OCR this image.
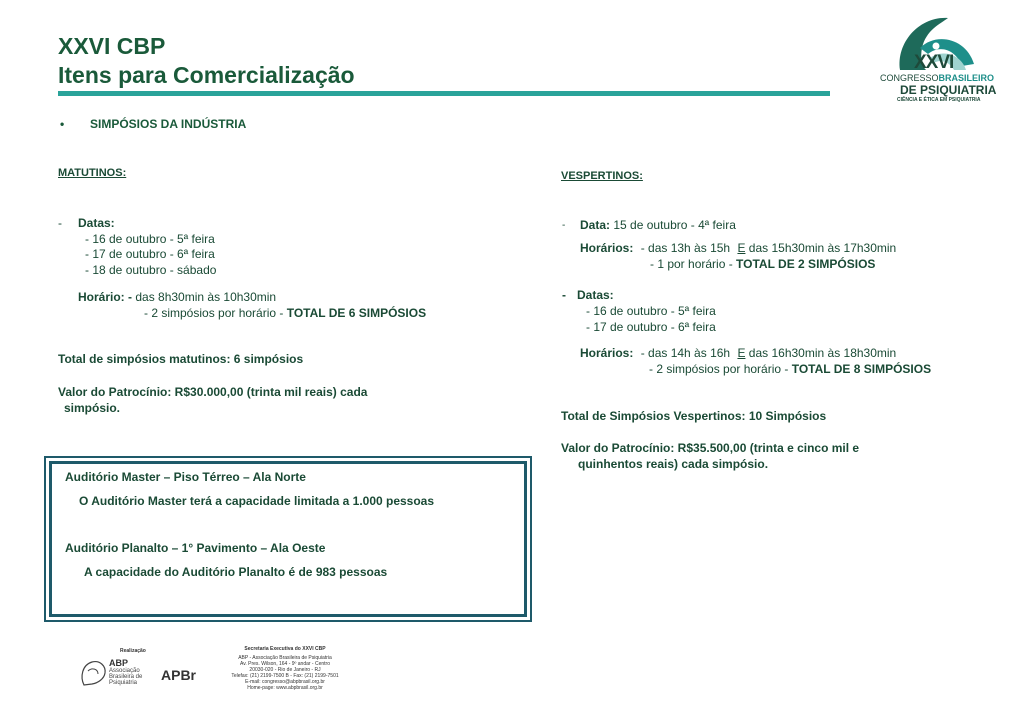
XXVI CBP
Itens para Comercialização	XXVI
CONGRESSOBRASILEIRO
DE PSIQUIATRIA
CIÊNCIA E ÉTICA EM PSIQUIATRIA
• SIMPÓSIOS DA INDÚSTRIA
MATUTINOS:
- Datas:
- 16 de outubro - 5ª feira
- 17 de outubro - 6ª feira
- 18 de outubro - sábado
Horário: - das 8h30min às 10h30min
- 2 simpósios por horário - TOTAL DE 6 SIMPÓSIOS
Total de simpósios matutinos: 6 simpósios
Valor do Patrocínio: R$30.000,00 (trinta mil reais) cada
simpósio.
VESPERTINOS:
- Data: 15 de outubro - 4ª feira
Horários: - das 13h às 15h E das 15h30min às 17h30min
- 1 por horário - TOTAL DE 2 SIMPÓSIOS
- Datas:
- 16 de outubro - 5ª feira
- 17 de outubro - 6ª feira
Horários: - das 14h às 16h E das 16h30min às 18h30min
- 2 simpósios por horário - TOTAL DE 8 SIMPÓSIOS
Total de Simpósios Vespertinos: 10 Simpósios
Valor do Patrocínio: R$35.500,00 (trinta e cinco mil e
quinhentos reais) cada simpósio.
Auditório Master – Piso Térreo – Ala Norte
O Auditório Master terá a capacidade limitada a 1.000 pessoas
Auditório Planalto – 1° Pavimento – Ala Oeste
A capacidade do Auditório Planalto é de 983 pessoas
Realização
ABP
Associação
Brasileira de
Psiquiatria	APBr
Secretaria Executiva do XXVI CBP
ABP - Associação Brasileira de Psiquiatria
Av. Pres. Wilson, 164 - 9º andar - Centro
20030-020 - Rio de Janeiro - RJ
Telefax: (21) 2199-7500 B - Fax: (21) 2199-7501
E-mail: congresso@abpbrasil.org.br
Home-page: www.abpbrasil.org.br
